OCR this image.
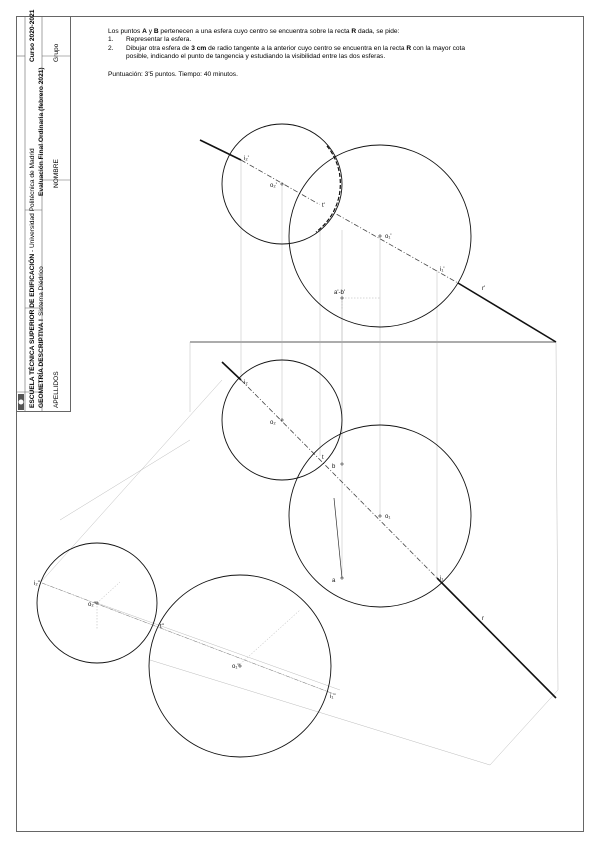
ESCUELA TÉCNICA SUPERIOR DE EDIFICACIÓN - Universidad Politécnica de Madrid
Curso 2020-2021
GEOMETRÍA DESCRIPTIVA I
Sistema Diédrico
Evaluación Final Ordinaria (febrero 2021)
APELLIDOS
NOMBRE
Grupo
Los puntos A y B pertenecen a una esfera cuyo centro se encuentra sobre la recta R dada, se pide:
1.	Representar la esfera.
2.	Dibujar otra esfera de 3 cm de radio tangente a la anterior cuyo centro se encuentra en la recta R con la mayor cota
posible, indicando el punto de tangencia y estudiando la visibilidad entre las dos esferas.
Puntuación: 3'5 puntos. Tiempo: 40 minutos.
i₂'
o₂'
t'
o₁'
i₁'
r'
a'-b'
i₂
o₂
t
b
o₁
a	i₁
r
i₂''
o₂''
t''
o₁''
i₁''
